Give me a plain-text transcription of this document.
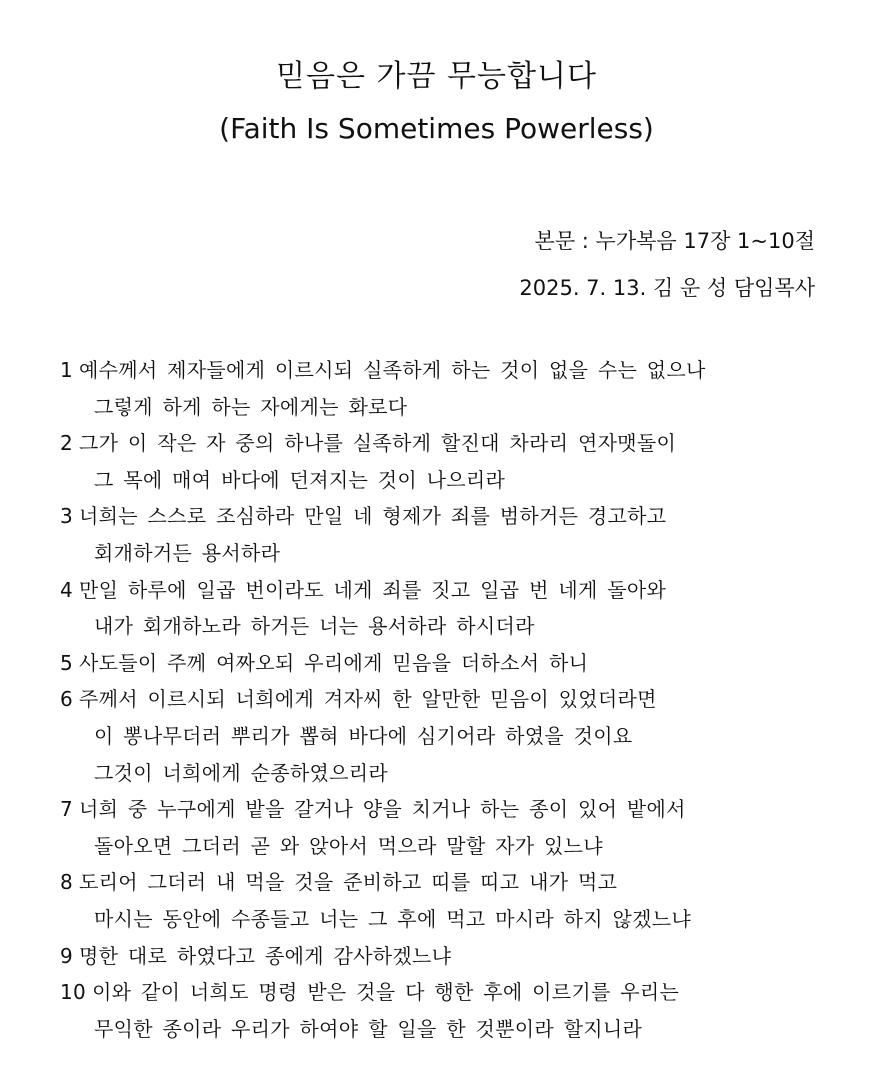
믿음은 가끔 무능합니다
(Faith Is Sometimes Powerless)

본문 : 누가복음 17장 1~10절

2025. 7. 13. 김 운 성 담임목사

1 예수께서 제자들에게 이르시되 실족하게 하는 것이 없을 수는 없으나
그렇게 하게 하는 자에게는 화로다
2 그가 이 작은 자 중의 하나를 실족하게 할진대 차라리 연자맷돌이
그 목에 매여 바다에 던져지는 것이 나으리라
3 너희는 스스로 조심하라 만일 네 형제가 죄를 범하거든 경고하고
회개하거든 용서하라
4 만일 하루에 일곱 번이라도 네게 죄를 짓고 일곱 번 네게 돌아와
내가 회개하노라 하거든 너는 용서하라 하시더라
5 사도들이 주께 여짜오되 우리에게 믿음을 더하소서 하니
6 주께서 이르시되 너희에게 겨자씨 한 알만한 믿음이 있었더라면
이 뽕나무더러 뿌리가 뽑혀 바다에 심기어라 하였을 것이요
그것이 너희에게 순종하였으리라
7 너희 중 누구에게 밭을 갈거나 양을 치거나 하는 종이 있어 밭에서
돌아오면 그더러 곧 와 앉아서 먹으라 말할 자가 있느냐
8 도리어 그더러 내 먹을 것을 준비하고 띠를 띠고 내가 먹고
마시는 동안에 수종들고 너는 그 후에 먹고 마시라 하지 않겠느냐
9 명한 대로 하였다고 종에게 감사하겠느냐
10 이와 같이 너희도 명령 받은 것을 다 행한 후에 이르기를 우리는
무익한 종이라 우리가 하여야 할 일을 한 것뿐이라 할지니라
